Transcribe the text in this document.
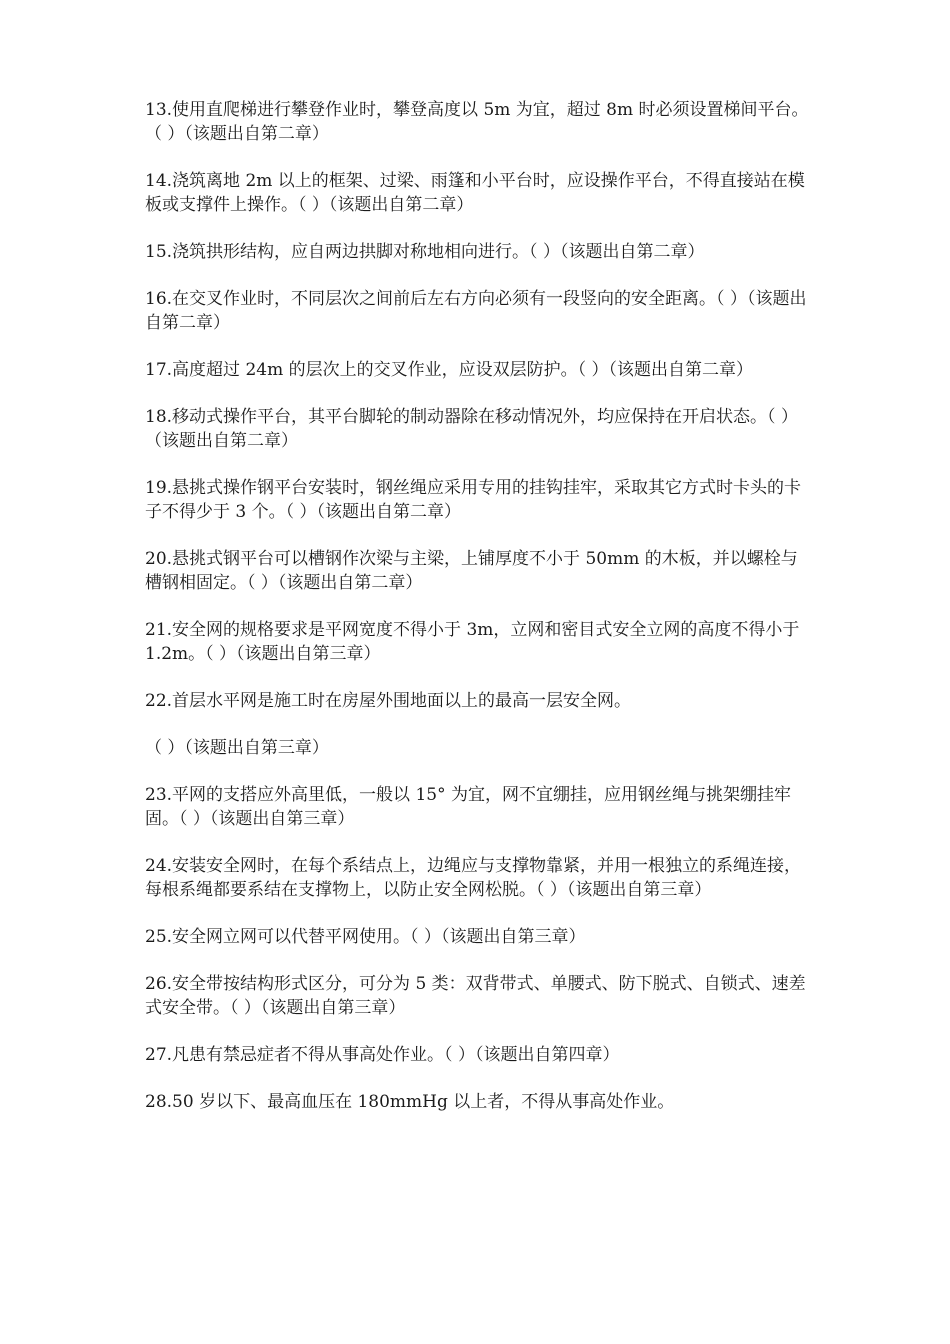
13.使用直爬梯进行攀登作业时，攀登高度以 5m 为宜，超过 8m 时必须设置梯间平台。（ ）（该题出自第二章）

14.浇筑离地 2m 以上的框架、过梁、雨篷和小平台时，应设操作平台，不得直接站在模板或支撑件上操作。（ ）（该题出自第二章）

15.浇筑拱形结构，应自两边拱脚对称地相向进行。（ ）（该题出自第二章）

16.在交叉作业时，不同层次之间前后左右方向必须有一段竖向的安全距离。（ ）（该题出自第二章）

17.高度超过 24m 的层次上的交叉作业，应设双层防护。（ ）（该题出自第二章）

18.移动式操作平台，其平台脚轮的制动器除在移动情况外，均应保持在开启状态。（ ）（该题出自第二章）

19.悬挑式操作钢平台安装时，钢丝绳应采用专用的挂钩挂牢，采取其它方式时卡头的卡子不得少于 3 个。（ ）（该题出自第二章）

20.悬挑式钢平台可以槽钢作次梁与主梁，上铺厚度不小于 50mm 的木板，并以螺栓与槽钢相固定。（ ）（该题出自第二章）

21.安全网的规格要求是平网宽度不得小于 3m，立网和密目式安全立网的高度不得小于 1.2m。（ ）（该题出自第三章）

22.首层水平网是施工时在房屋外围地面以上的最高一层安全网。

（ ）（该题出自第三章）

23.平网的支搭应外高里低，一般以 15° 为宜，网不宜绷挂，应用钢丝绳与挑架绷挂牢固。（ ）（该题出自第三章）

24.安装安全网时，在每个系结点上，边绳应与支撑物靠紧，并用一根独立的系绳连接，每根系绳都要系结在支撑物上，以防止安全网松脱。（ ）（该题出自第三章）

25.安全网立网可以代替平网使用。（ ）（该题出自第三章）

26.安全带按结构形式区分，可分为 5 类：双背带式、单腰式、防下脱式、自锁式、速差式安全带。（ ）（该题出自第三章）

27.凡患有禁忌症者不得从事高处作业。（ ）（该题出自第四章）

28.50 岁以下、最高血压在 180mmHg 以上者，不得从事高处作业。
